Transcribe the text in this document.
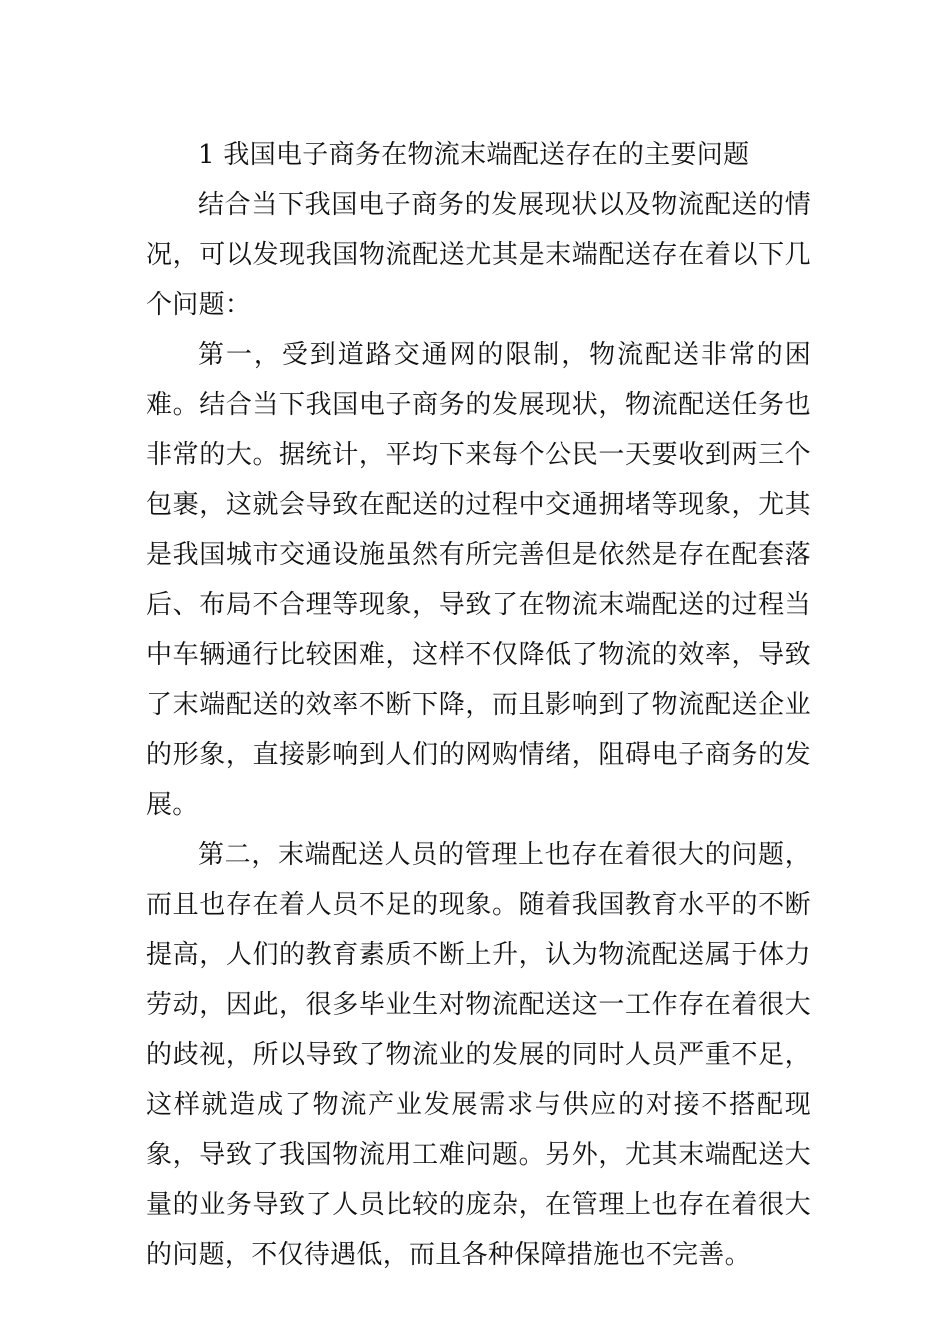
1 我国电子商务在物流末端配送存在的主要问题

结合当下我国电子商务的发展现状以及物流配送的情况，可以发现我国物流配送尤其是末端配送存在着以下几个问题：

第一，受到道路交通网的限制，物流配送非常的困难。结合当下我国电子商务的发展现状，物流配送任务也非常的大。据统计，平均下来每个公民一天要收到两三个包裹，这就会导致在配送的过程中交通拥堵等现象，尤其是我国城市交通设施虽然有所完善但是依然是存在配套落后、布局不合理等现象，导致了在物流末端配送的过程当中车辆通行比较困难，这样不仅降低了物流的效率，导致了末端配送的效率不断下降，而且影响到了物流配送企业的形象，直接影响到人们的网购情绪，阻碍电子商务的发展。

第二，末端配送人员的管理上也存在着很大的问题，而且也存在着人员不足的现象。随着我国教育水平的不断提高，人们的教育素质不断上升，认为物流配送属于体力劳动，因此，很多毕业生对物流配送这一工作存在着很大的歧视，所以导致了物流业的发展的同时人员严重不足，这样就造成了物流产业发展需求与供应的对接不搭配现象，导致了我国物流用工难问题。另外，尤其末端配送大量的业务导致了人员比较的庞杂，在管理上也存在着很大的问题，不仅待遇低，而且各种保障措施也不完善。
